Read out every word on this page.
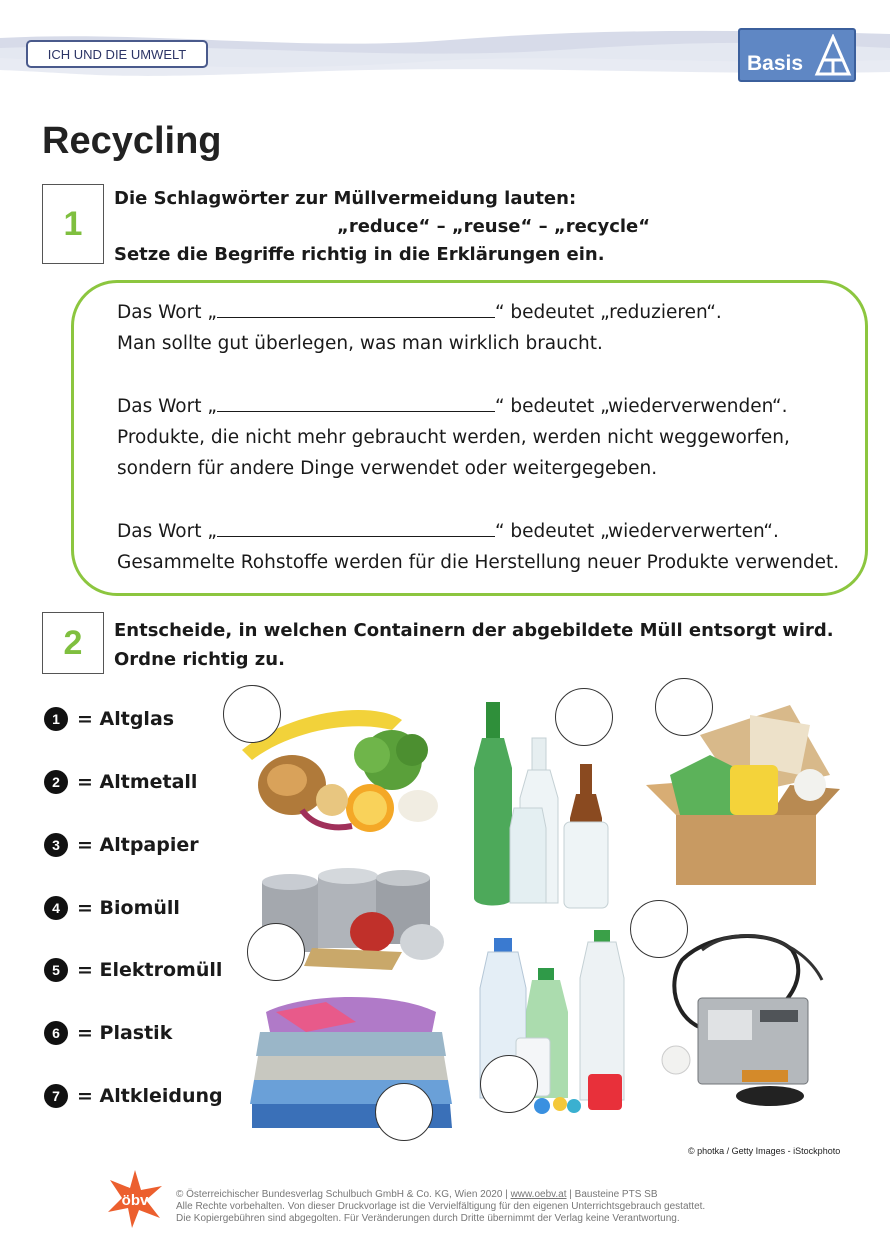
ICH UND DIE UMWELT	Basis
Recycling
1
Die Schlagwörter zur Müllvermeidung lauten:
„reduce“ – „reuse“ – „recycle“
Setze die Begriffe richtig in die Erklärungen ein.
Das Wort „	“ bedeutet „reduzieren“.
Man sollte gut überlegen, was man wirklich braucht.
Das Wort „	“ bedeutet „wiederverwenden“.
Produkte, die nicht mehr gebraucht werden, werden nicht weggeworfen,
sondern für andere Dinge verwendet oder weitergegeben.
Das Wort „	“ bedeutet „wiederverwerten“.
Gesammelte Rohstoffe werden für die Herstellung neuer Produkte verwendet.
2	Entscheide, in welchen Containern der abgebildete Müll entsorgt wird.
Ordne richtig zu.
1 = Altglas
2 = Altmetall
3 = Altpapier
4 = Biomüll
5 = Elektromüll
6 = Plastik
7 = Altkleidung
© photka / Getty Images - iStockphoto
öbv	© Österreichischer Bundesverlag Schulbuch GmbH & Co. KG, Wien 2020 | www.oebv.at | Bausteine PTS SB
Alle Rechte vorbehalten. Von dieser Druckvorlage ist die Vervielfältigung für den eigenen Unterrichtsgebrauch gestattet.
Die Kopiergebühren sind abgegolten. Für Veränderungen durch Dritte übernimmt der Verlag keine Verantwortung.
